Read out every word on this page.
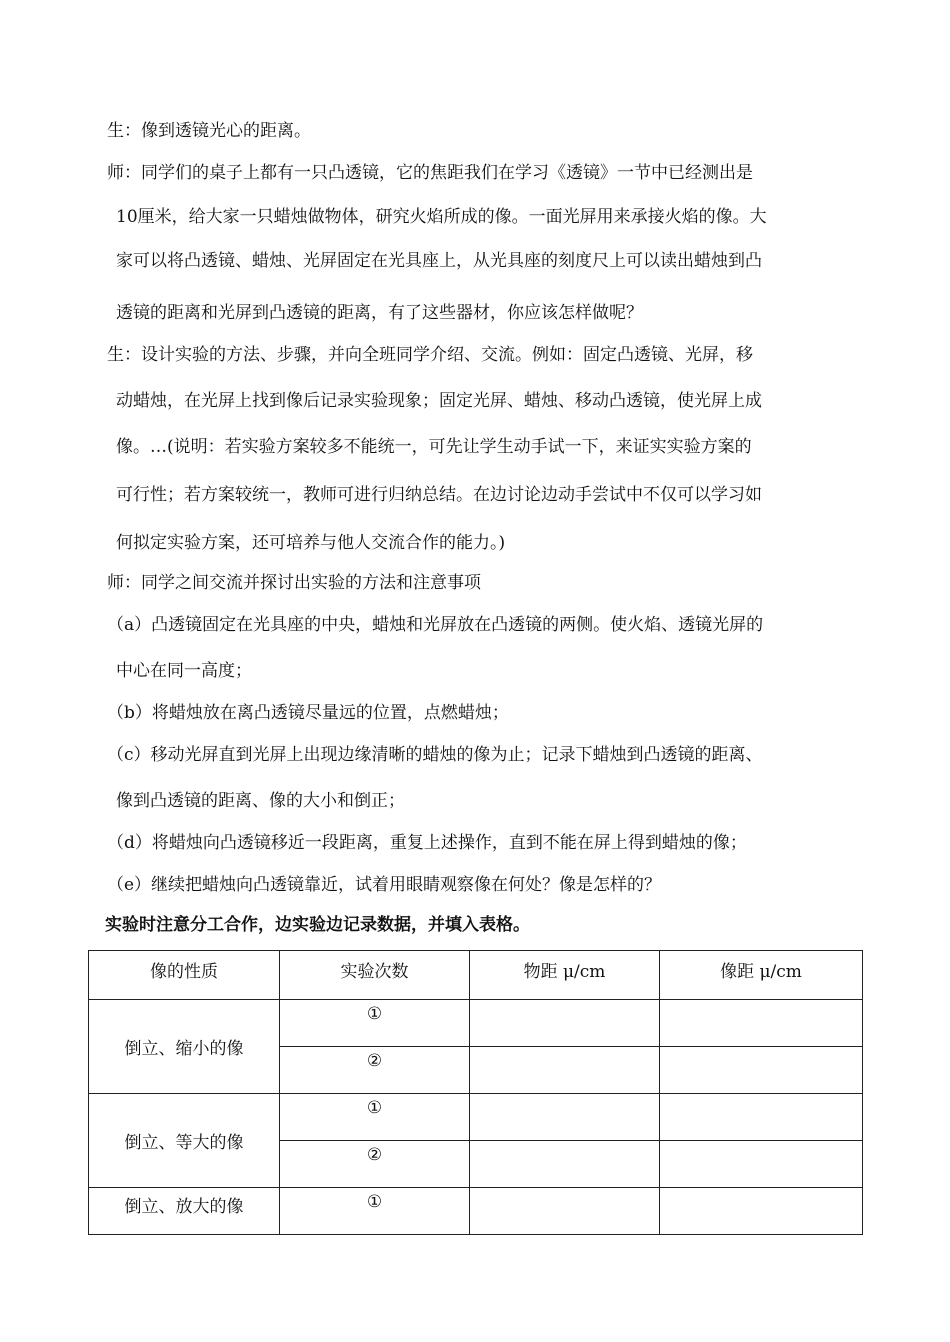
生：像到透镜光心的距离。
师：同学们的桌子上都有一只凸透镜，它的焦距我们在学习《透镜》一节中已经测出是
10厘米，给大家一只蜡烛做物体，研究火焰所成的像。一面光屏用来承接火焰的像。大
家可以将凸透镜、蜡烛、光屏固定在光具座上，从光具座的刻度尺上可以读出蜡烛到凸
透镜的距离和光屏到凸透镜的距离，有了这些器材，你应该怎样做呢？
生：设计实验的方法、步骤，并向全班同学介绍、交流。例如：固定凸透镜、光屏，移
动蜡烛，在光屏上找到像后记录实验现象；固定光屏、蜡烛、移动凸透镜，使光屏上成
像。…(说明：若实验方案较多不能统一，可先让学生动手试一下，来证实实验方案的
可行性；若方案较统一，教师可进行归纳总结。在边讨论边动手尝试中不仅可以学习如
何拟定实验方案，还可培养与他人交流合作的能力。)
师：同学之间交流并探讨出实验的方法和注意事项
（a）凸透镜固定在光具座的中央，蜡烛和光屏放在凸透镜的两侧。使火焰、透镜光屏的
中心在同一高度；
（b）将蜡烛放在离凸透镜尽量远的位置，点燃蜡烛；
（c）移动光屏直到光屏上出现边缘清晰的蜡烛的像为止；记录下蜡烛到凸透镜的距离、
像到凸透镜的距离、像的大小和倒正；
（d）将蜡烛向凸透镜移近一段距离，重复上述操作，直到不能在屏上得到蜡烛的像；
（e）继续把蜡烛向凸透镜靠近，试着用眼睛观察像在何处？像是怎样的？
实验时注意分工合作，边实验边记录数据，并填入表格。
像的性质	实验次数	物距 μ/cm	像距 μ/cm
倒立、缩小的像	①		
	②		
倒立、等大的像	①		
	②		
倒立、放大的像	①		
